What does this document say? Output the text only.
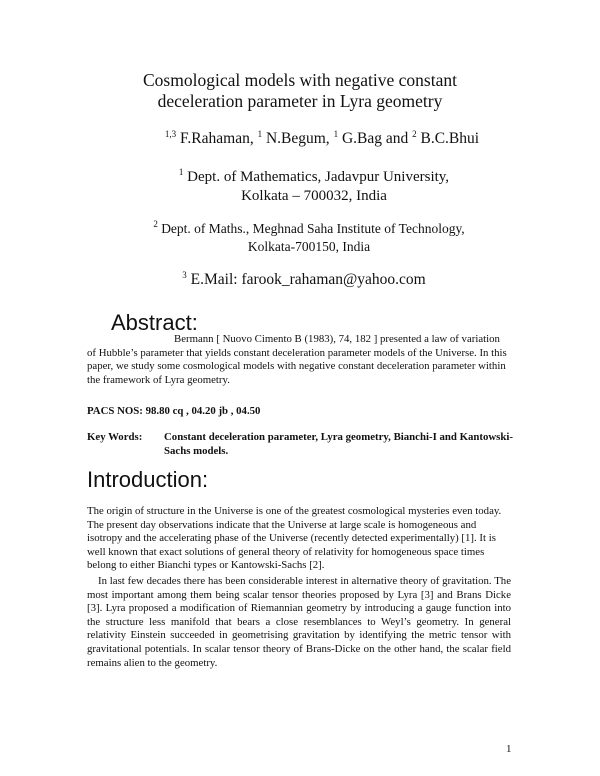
Cosmological models with negative constant
deceleration parameter in Lyra geometry
$^{1,3}$ F.Rahaman, $^1$ N.Begum, $^1$ G.Bag and $^2$ B.C.Bhui
$^1$ Dept. of Mathematics, Jadavpur University,
Kolkata – 700032, India
$^2$ Dept. of Maths., Meghnad Saha Institute of Technology,
Kolkata-700150, India
$^3$ E.Mail: farook_rahaman@yahoo.com
Abstract:

Bermann [ Nuovo Cimento B (1983), 74, 182 ] presented a law of variation of Hubble’s parameter that yields constant deceleration parameter models of the Universe. In this paper, we study some cosmological models with negative constant deceleration parameter within the framework of Lyra geometry.

PACS NOS: 98.80 cq , 04.20 jb , 04.50

Key Words: Constant deceleration parameter, Lyra geometry, Bianchi-I and Kantowski-Sachs models.
Introduction:

The origin of structure in the Universe is one of the greatest cosmological mysteries even today. The present day observations indicate that the Universe at large scale is homogeneous and isotropy and the accelerating phase of the Universe (recently detected experimentally) [1]. It is well known that exact solutions of general theory of relativity for homogeneous space times belong to either Bianchi types or Kantowski-Sachs [2].

In last few decades there has been considerable interest in alternative theory of gravitation. The most important among them being scalar tensor theories proposed by Lyra [3] and Brans Dicke [3]. Lyra proposed a modification of Riemannian geometry by introducing a gauge function into the structure less manifold that bears a close resemblances to Weyl’s geometry. In general relativity Einstein succeeded in geometrising gravitation by identifying the metric tensor with gravitational potentials. In scalar tensor theory of Brans-Dicke on the other hand, the scalar field remains alien to the geometry.

1
